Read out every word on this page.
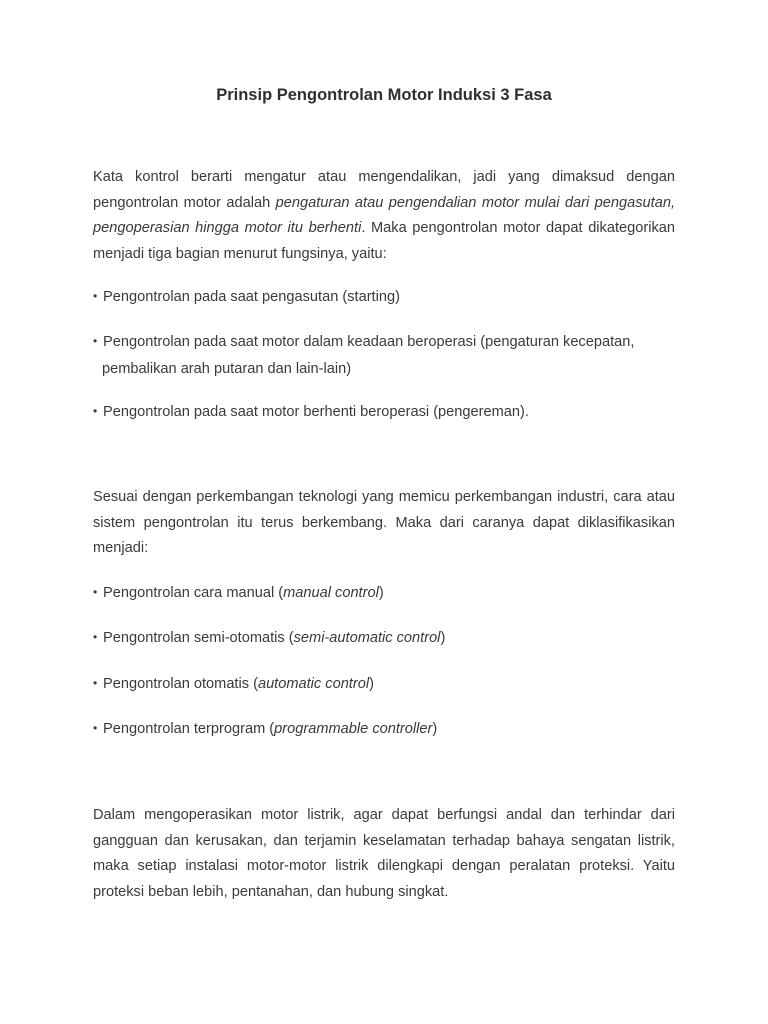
Prinsip Pengontrolan Motor Induksi 3 Fasa

Kata kontrol berarti mengatur atau mengendalikan, jadi yang dimaksud dengan pengontrolan motor adalah pengaturan atau pengendalian motor mulai dari pengasutan, pengoperasian hingga motor itu berhenti. Maka pengontrolan motor dapat dikategorikan menjadi tiga bagian menurut fungsinya, yaitu:

• Pengontrolan pada saat pengasutan (starting)

• Pengontrolan pada saat motor dalam keadaan beroperasi (pengaturan kecepatan,
pembalikan arah putaran dan lain-lain)

• Pengontrolan pada saat motor berhenti beroperasi (pengereman).

Sesuai dengan perkembangan teknologi yang memicu perkembangan industri, cara atau sistem pengontrolan itu terus berkembang. Maka dari caranya dapat diklasifikasikan menjadi:

• Pengontrolan cara manual (manual control)

• Pengontrolan semi-otomatis (semi-automatic control)

• Pengontrolan otomatis (automatic control)

• Pengontrolan terprogram (programmable controller)

Dalam mengoperasikan motor listrik, agar dapat berfungsi andal dan terhindar dari gangguan dan kerusakan, dan terjamin keselamatan terhadap bahaya sengatan listrik, maka setiap instalasi motor-motor listrik dilengkapi dengan peralatan proteksi. Yaitu proteksi beban lebih, pentanahan, dan hubung singkat.
